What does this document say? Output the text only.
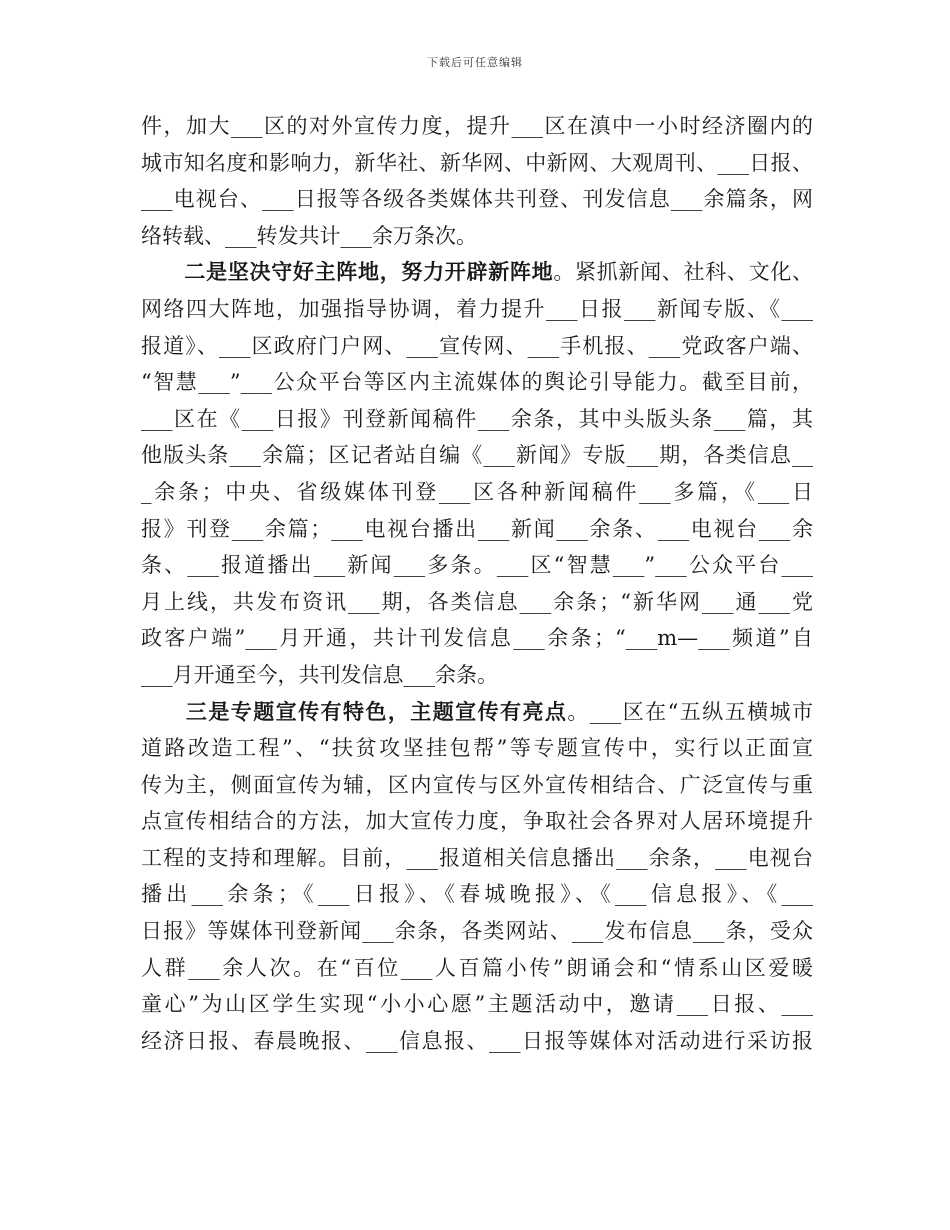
下载后可任意编辑
件，加大___区的对外宣传力度，提升___区在滇中一小时经济圈内的
城市知名度和影响力，新华社、新华网、中新网、大观周刊、___日报、
___电视台、___日报等各级各类媒体共刊登、刊发信息___余篇条，网
络转载、___转发共计___余万条次。
　　二是坚决守好主阵地，努力开辟新阵地。紧抓新闻、社科、文化、
网络四大阵地，加强指导协调，着力提升___日报___新闻专版、《___
报道》、___区政府门户网、___宣传网、___手机报、___党政客户端、
“智慧___”___公众平台等区内主流媒体的舆论引导能力。截至目前，
___区在《___日报》刊登新闻稿件___余条，其中头版头条___篇，其
他版头条___余篇；区记者站自编《___新闻》专版___期，各类信息__
_余条；中央、省级媒体刊登___区各种新闻稿件___多篇，《___日
报》刊登___余篇；___电视台播出___新闻___余条、___电视台___余
条、___报道播出___新闻___多条。___区“智慧___”___公众平台___
月上线，共发布资讯___期，各类信息___余条；“新华网___通___党
政客户端”___月开通，共计刊发信息___余条；“___m—___频道”自
___月开通至今，共刊发信息___余条。
　　三是专题宣传有特色，主题宣传有亮点。___区在“五纵五横城市
道路改造工程”、“扶贫攻坚挂包帮”等专题宣传中，实行以正面宣
传为主，侧面宣传为辅，区内宣传与区外宣传相结合、广泛宣传与重
点宣传相结合的方法，加大宣传力度，争取社会各界对人居环境提升
工程的支持和理解。目前，___报道相关信息播出___余条，___电视台
播出___余条；《___日报》、《春城晚报》、《___信息报》、《___
日报》等媒体刊登新闻___余条，各类网站、___发布信息___条，受众
人群___余人次。在“百位___人百篇小传”朗诵会和“情系山区爱暖
童心”为山区学生实现“小小心愿”主题活动中，邀请___日报、___
经济日报、春晨晚报、___信息报、___日报等媒体对活动进行采访报
